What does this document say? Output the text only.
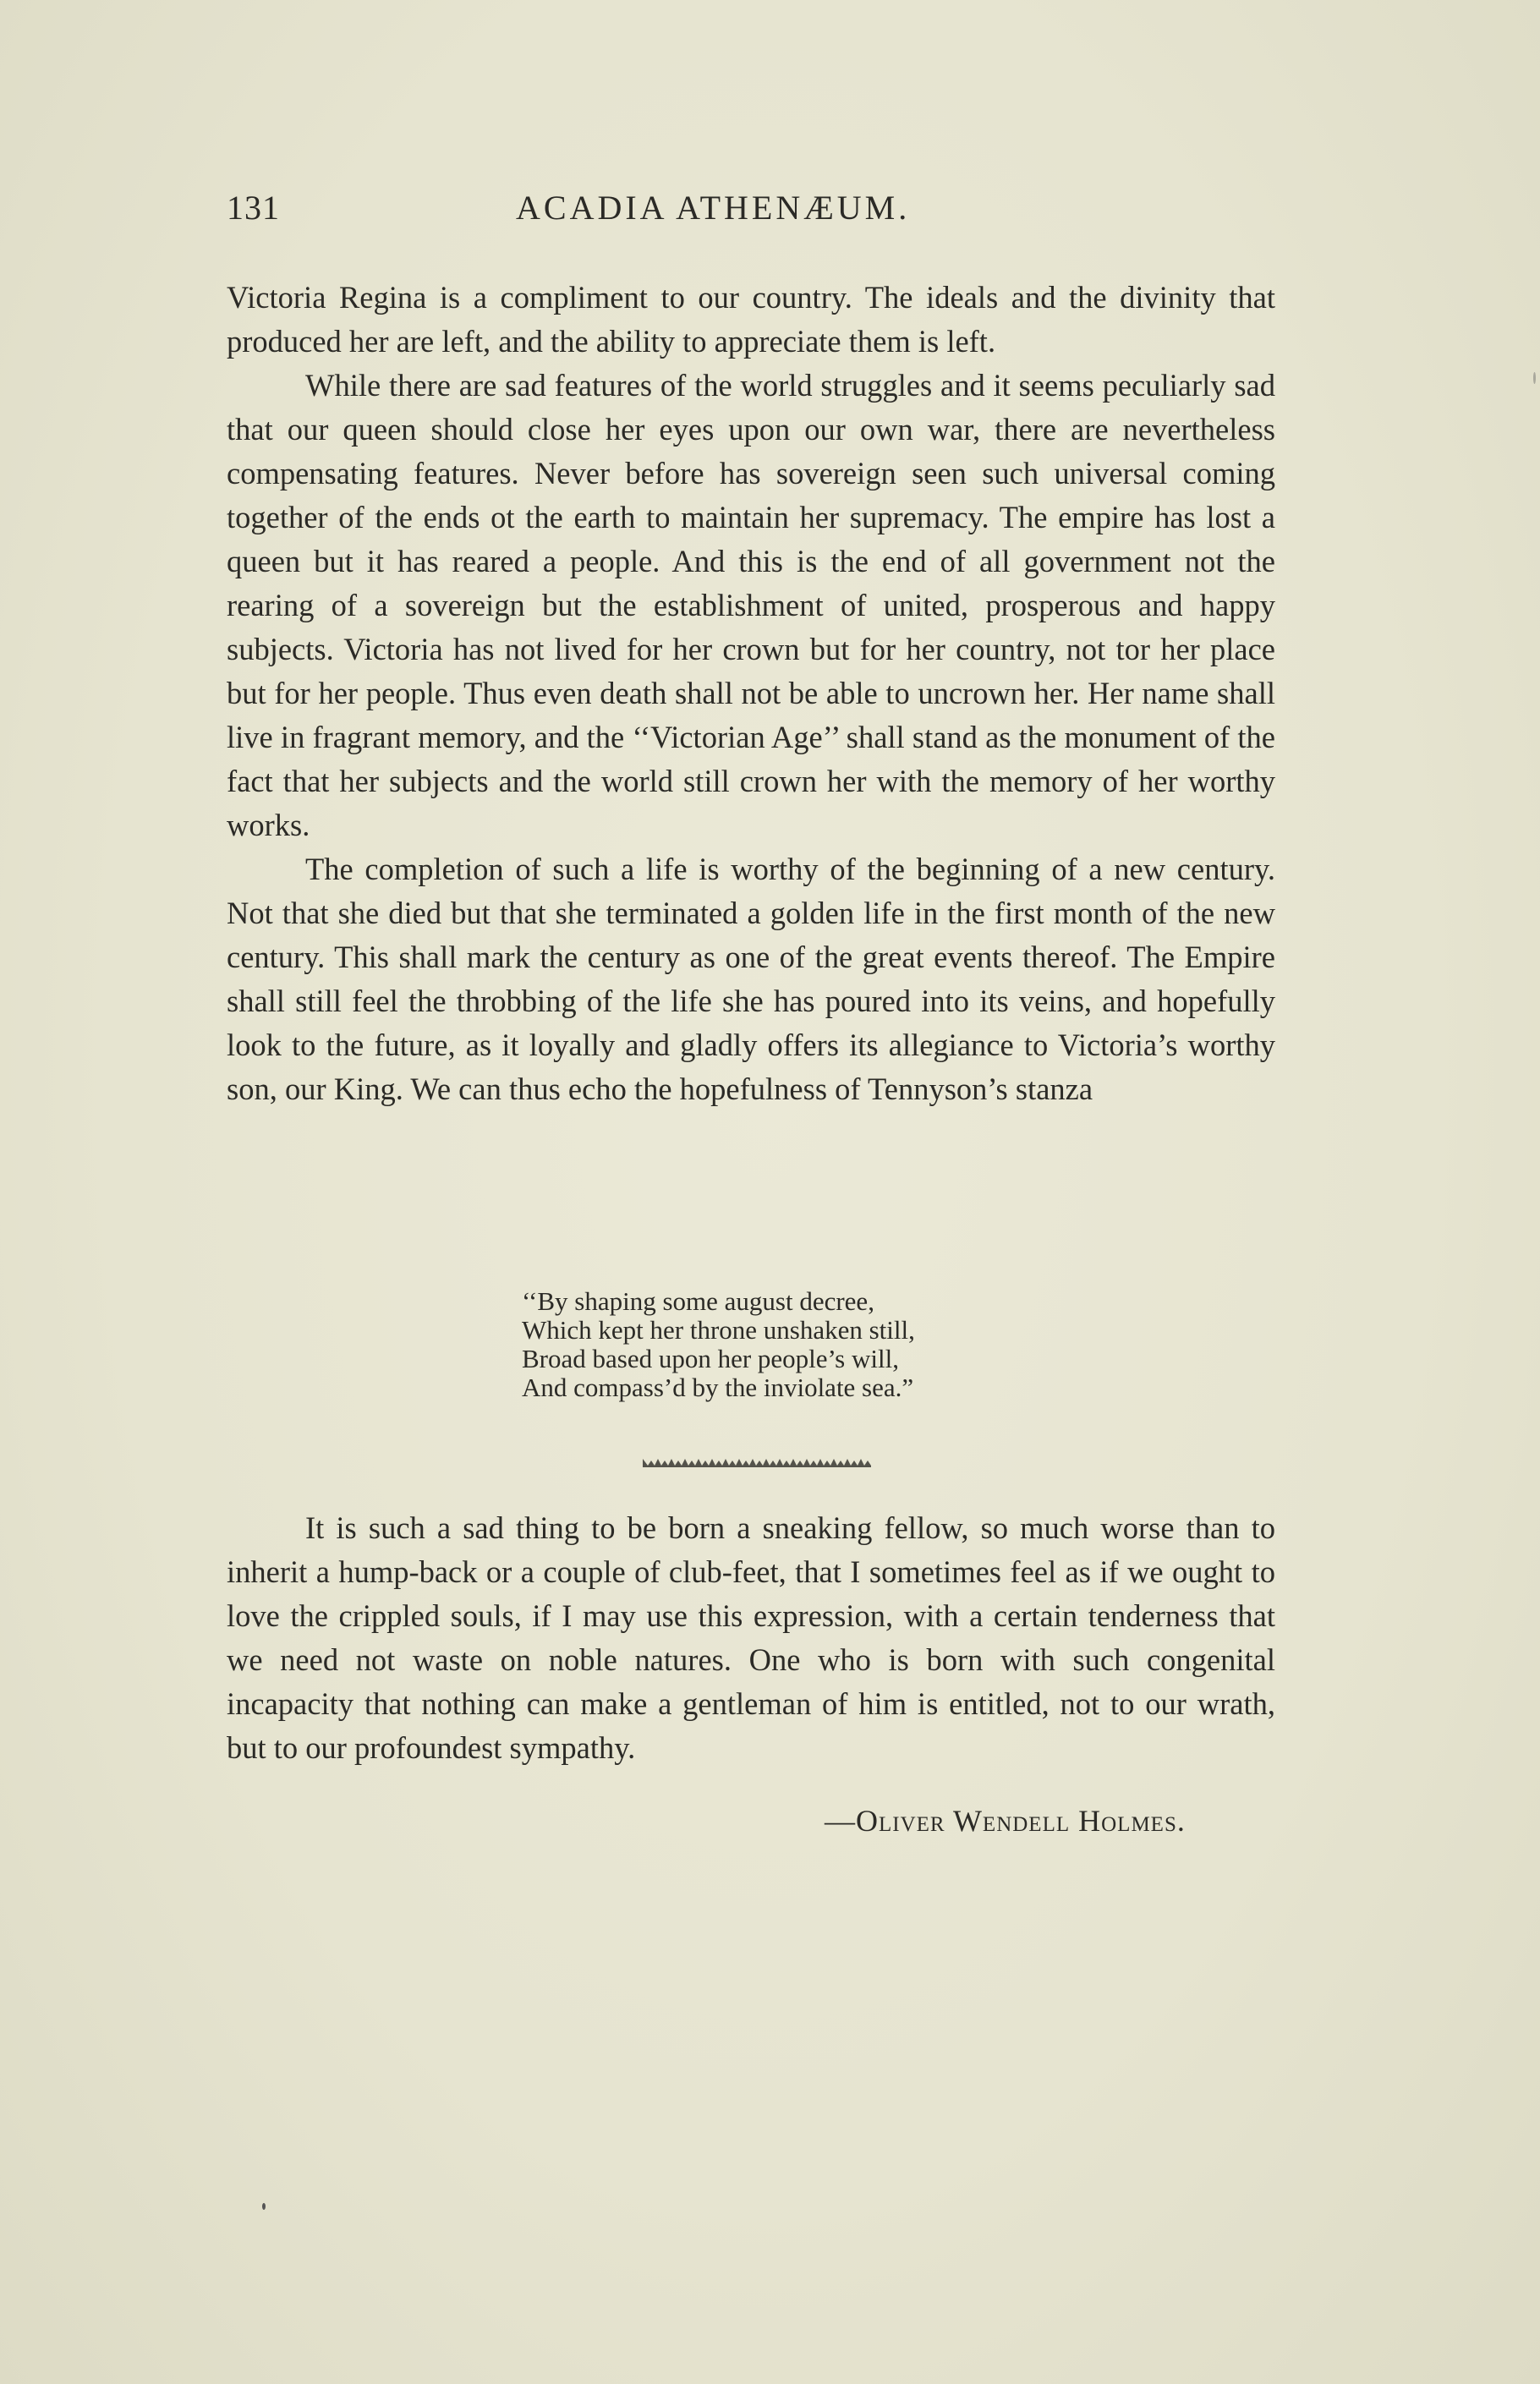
131	ACADIA ATHENÆUM.

Victoria Regina is a compliment to our country. The ideals and the divinity that produced her are left, and the ability to appreciate them is left.

While there are sad features of the world struggles and it seems peculiarly sad that our queen should close her eyes upon our own war, there are nevertheless compensating features. Never before has sovereign seen such universal coming together of the ends ot the earth to maintain her supremacy. The empire has lost a queen but it has reared a people. And this is the end of all government not the rearing of a sovereign but the establishment of united, prosperous and happy subjects. Victoria has not lived for her crown but for her country, not tor her place but for her people. Thus even death shall not be able to uncrown her. Her name shall live in fragrant memory, and the ‘‘Victorian Age’’ shall stand as the monument of the fact that her subjects and the world still crown her with the memory of her worthy works.

The completion of such a life is worthy of the beginning of a new century. Not that she died but that she terminated a golden life in the first month of the new century. This shall mark the century as one of the great events thereof. The Empire shall still feel the throbbing of the life she has poured into its veins, and hopefully look to the future, as it loyally and gladly offers its allegiance to Victoria’s worthy son, our King. We can thus echo the hopefulness of Tennyson’s stanza

‘‘By shaping some august decree,
Which kept her throne unshaken still,
Broad based upon her people’s will,
And compass’d by the inviolate sea.”

It is such a sad thing to be born a sneaking fellow, so much worse than to inherit a hump-back or a couple of club-feet, that I sometimes feel as if we ought to love the crippled souls, if I may use this expression, with a certain tenderness that we need not waste on noble natures. One who is born with such congenital incapacity that nothing can make a gentleman of him is entitled, not to our wrath, but to our profoundest sympathy.

—Oliver Wendell Holmes.
